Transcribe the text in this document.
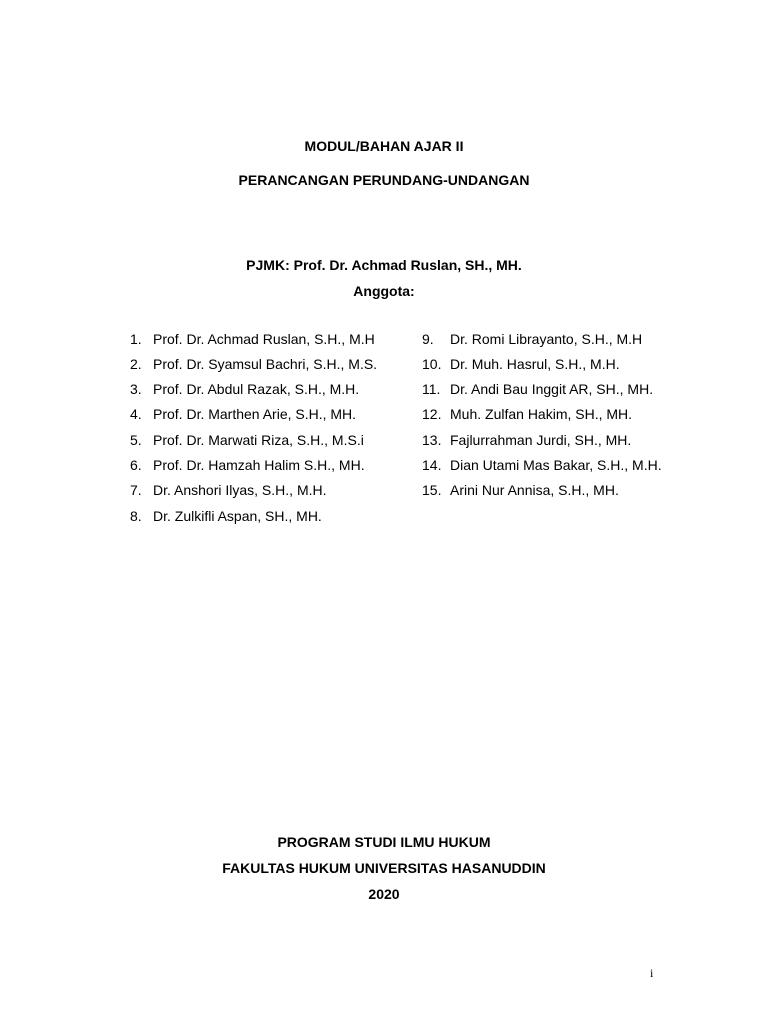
MODUL/BAHAN AJAR II
PERANCANGAN PERUNDANG-UNDANGAN
PJMK: Prof. Dr. Achmad Ruslan, SH., MH.
Anggota:
1. Prof. Dr. Achmad Ruslan, S.H., M.H
2. Prof. Dr. Syamsul Bachri, S.H., M.S.
3. Prof. Dr. Abdul Razak, S.H., M.H.
4. Prof. Dr. Marthen Arie, S.H., MH.
5. Prof. Dr. Marwati Riza, S.H., M.S.i
6. Prof. Dr. Hamzah Halim S.H., MH.
7. Dr. Anshori Ilyas, S.H., M.H.
8. Dr. Zulkifli Aspan, SH., MH.
9. Dr. Romi Librayanto, S.H., M.H
10. Dr. Muh. Hasrul, S.H., M.H.
11. Dr. Andi Bau Inggit AR, SH., MH.
12. Muh. Zulfan Hakim, SH., MH.
13. Fajlurrahman Jurdi, SH., MH.
14. Dian Utami Mas Bakar, S.H., M.H.
15. Arini Nur Annisa, S.H., MH.
PROGRAM STUDI ILMU HUKUM
FAKULTAS HUKUM UNIVERSITAS HASANUDDIN
2020
i
